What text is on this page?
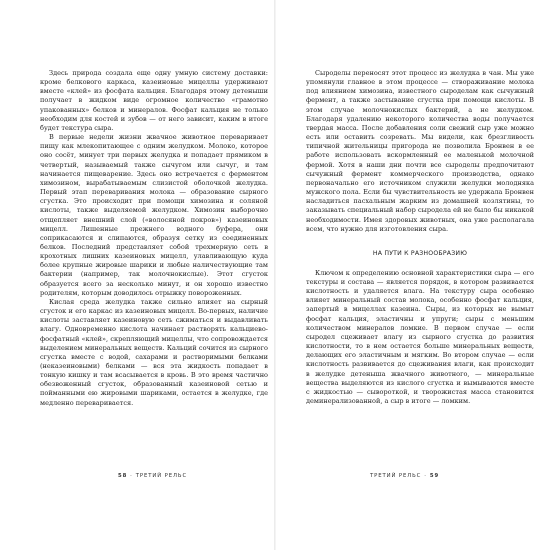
Здесь природа создала еще одну умную систему доставки: кроме белкового каркаса, казеиновые мицеллы удерживают вместе «клей» из фосфата кальция. Благодаря этому детеныши получает в жидком виде огромное количество «грамотно упакованных» белков и минералов. Фосфат кальция не только необходим для костей и зубов — от него зависит, каким в итоге будет текстура сыра.

В первые недели жизни жвачное животное переваривает пищу как млекопитающее с одним желудком. Молоко, которое оно сосёт, минует три первых желудка и попадает прямиком в четвертый, называемый также сычугом или сычуг, и там начинается пищеварение. Здесь оно встречается с ферментом химозином, вырабатываемым слизистой оболочкой желудка. Первый этап переваривания молока — образование сырного сгустка. Это происходит при помощи химозина и соляной кислоты, также выделяемой желудком. Химозин выборочно отщепляет внешний слой («волосяной покров») казеиновых мицелл. Лишенные прежнего водного буфера, они соприкасаются и слипаются, образуя сетку из соединенных белков. Последний представляет собой трехмерную сеть в крохотных лишних казеиновых мицелл, улавливающую куда более крупные жировые шарики и любые наличествующие там бактерии (например, так молочнокислые). Этот сгусток образуется всего за несколько минут, и он хорошо известно родителям, которым доводилось отрыжку повороженных.

Кислая среда желудка также сильно влияет на сырный сгусток и его каркас из казеиновых мицелл. Во-первых, наличие кислоты заставляет казеиновую сеть сжиматься и выдавливать влагу. Одновременно кислота начинает растворять кальциево-фосфатный «клей», скрепляющий мицеллы, что сопровождается выделением минеральных веществ. Кальций сочится из сырного сгустка вместе с водой, сахарами и растворимыми белками (неказеиновыми) белками — вся эта жидкость попадает в тонкую кишку и там всасывается в кровь. В это время частично обезвоженный сгусток, образованный казеиновой сетью и пойманными ею жировыми шариками, остается в желудке, где медленно переваривается.

Сыроделы переносят этот процесс из желудка в чан. Мы уже упомянули главное в этом процессе — створаживание молока под влиянием химозина, известного сыроделам как сычужный фермент, а также застывание сгустка при помощи кислоты. В этом случае молочнокислых бактерий, а не желудком. Благодаря удалению некоторого количества воды получается твердая масса. После добавления соли свежий сыр уже можно есть или оставить созревать. Мы видели, как брезгливость типичной жительницы пригорода не позволила Бронвен в ее работе использовать вскормленный ее маленькой молочной фермой. Хотя в наши дни почти все сыроделы предпочитают сычужный фермент коммерческого производства, однако первоначально его источником служили желудки молодняка мужского пола. Если бы чувствительность не удержала Бронвен насладиться пасхальным жарким из домашней козлятины, то заказывать специальный набор сыродела ей не было бы никакой необходимости. Имея здоровых животных, она уже располагала всем, что нужно для изготовления сыра.

НА ПУТИ К РАЗНООБРАЗИЮ

Ключом к определению основной характеристики сыра — его текстуры и состава — является порядок, в котором развивается кислотность и удаляется влага. На текстуру сыра особенно влияет минеральный состав молока, особенно фосфат кальция, запертый в мицеллах казеина. Сыры, из которых не вымыт фосфат кальция, эластичны и упруги; сыры с меньшим количеством минералов ломкие. В первом случае — если сыродел сцеживает влагу из сырного сгустка до развития кислотности, то в нем остается больше минеральных веществ, делающих его эластичным и мягким. Во втором случае — если кислотность развивается до сцеживания влаги, как происходит в желудке детеныша жвачного животного, — минеральные вещества выделяются из кислого сгустка и вымываются вместе с жидкостью — сывороткой, и творожистая масса становится деминерализованной, а сыр в итоге — ломким.

58 · ТРЕТИЙ РЕЛЬС	ТРЕТИЙ РЕЛЬС · 59
